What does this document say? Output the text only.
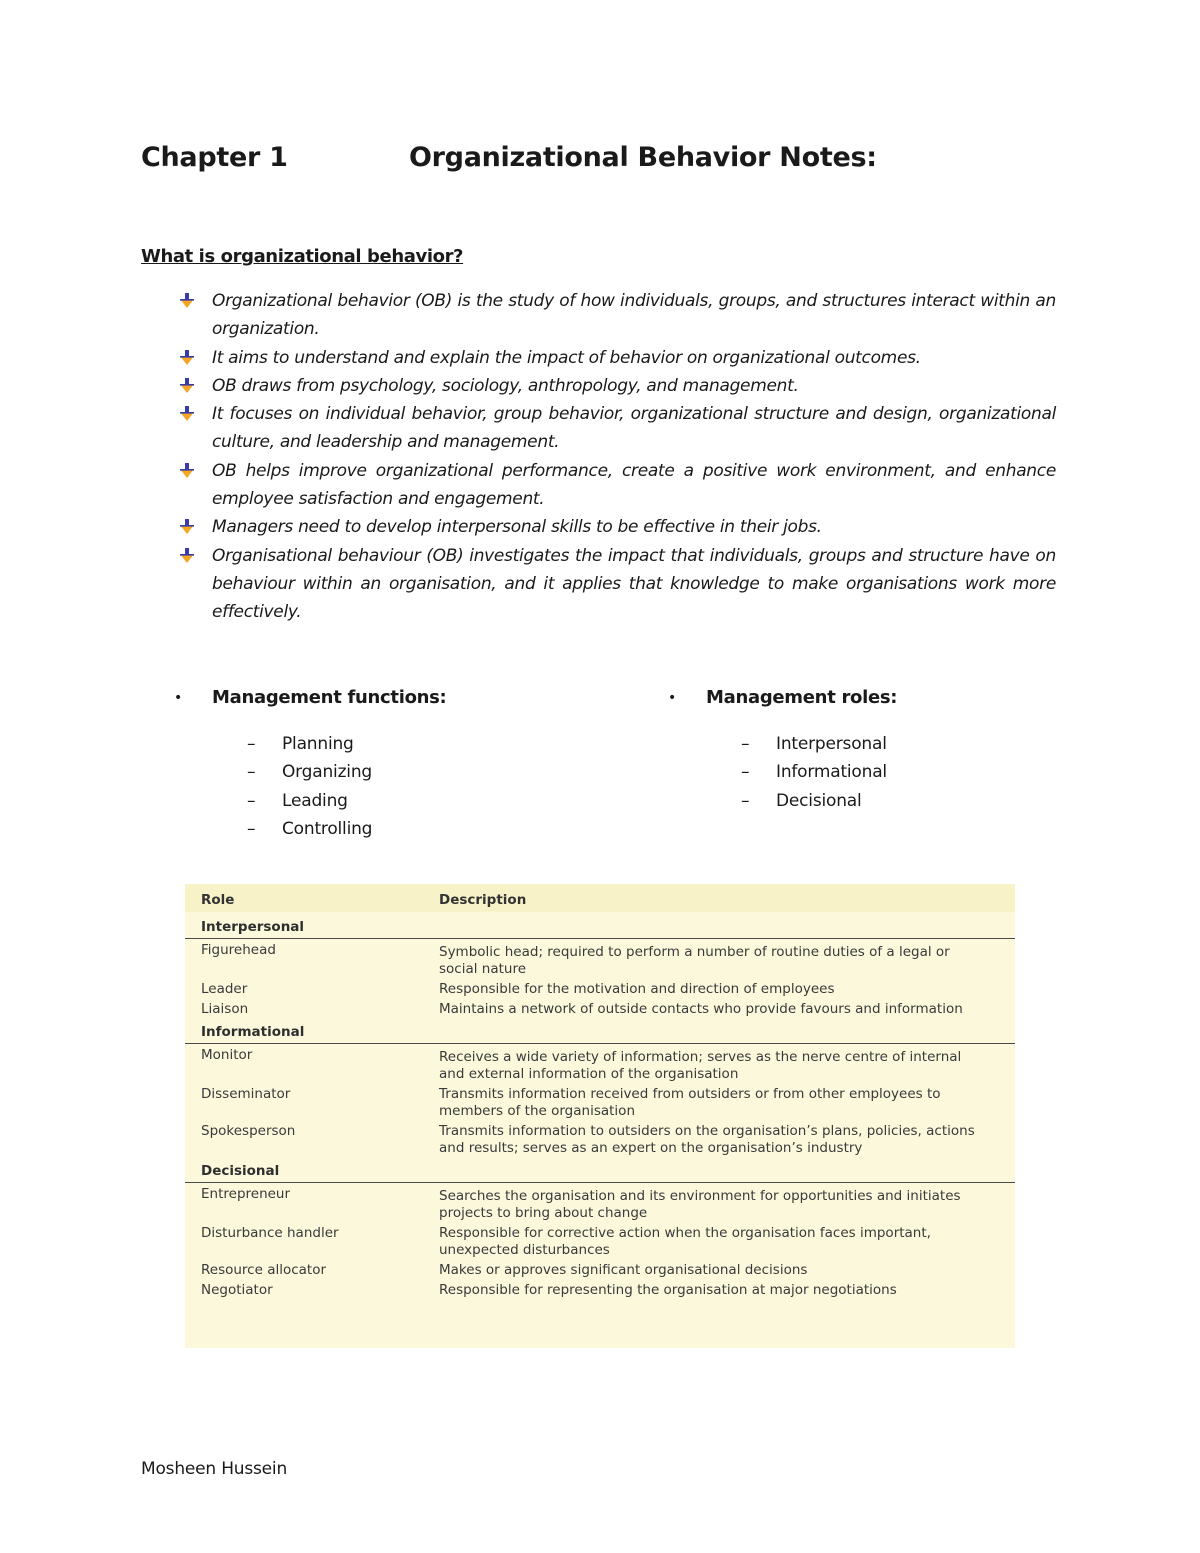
Chapter 1	Organizational Behavior Notes:
What is organizational behavior?
Organizational behavior (OB) is the study of how individuals, groups, and structures interact within an organization.
It aims to understand and explain the impact of behavior on organizational outcomes.
OB draws from psychology, sociology, anthropology, and management.
It focuses on individual behavior, group behavior, organizational structure and design, organizational culture, and leadership and management.
OB helps improve organizational performance, create a positive work environment, and enhance employee satisfaction and engagement.
Managers need to develop interpersonal skills to be effective in their jobs.
Organisational behaviour (OB) investigates the impact that individuals, groups and structure have on behaviour within an organisation, and it applies that knowledge to make organisations work more effectively.
• Management functions:
– Planning
– Organizing
– Leading
– Controlling
• Management roles:
– Interpersonal
– Informational
– Decisional
Role	Description
Interpersonal
Figurehead	Symbolic head; required to perform a number of routine duties of a legal or social nature
Leader	Responsible for the motivation and direction of employees
Liaison	Maintains a network of outside contacts who provide favours and information
Informational
Monitor	Receives a wide variety of information; serves as the nerve centre of internal and external information of the organisation
Disseminator	Transmits information received from outsiders or from other employees to members of the organisation
Spokesperson	Transmits information to outsiders on the organisation’s plans, policies, actions and results; serves as an expert on the organisation’s industry
Decisional
Entrepreneur	Searches the organisation and its environment for opportunities and initiates projects to bring about change
Disturbance handler	Responsible for corrective action when the organisation faces important, unexpected disturbances
Resource allocator	Makes or approves significant organisational decisions
Negotiator	Responsible for representing the organisation at major negotiations
Mosheen Hussein
